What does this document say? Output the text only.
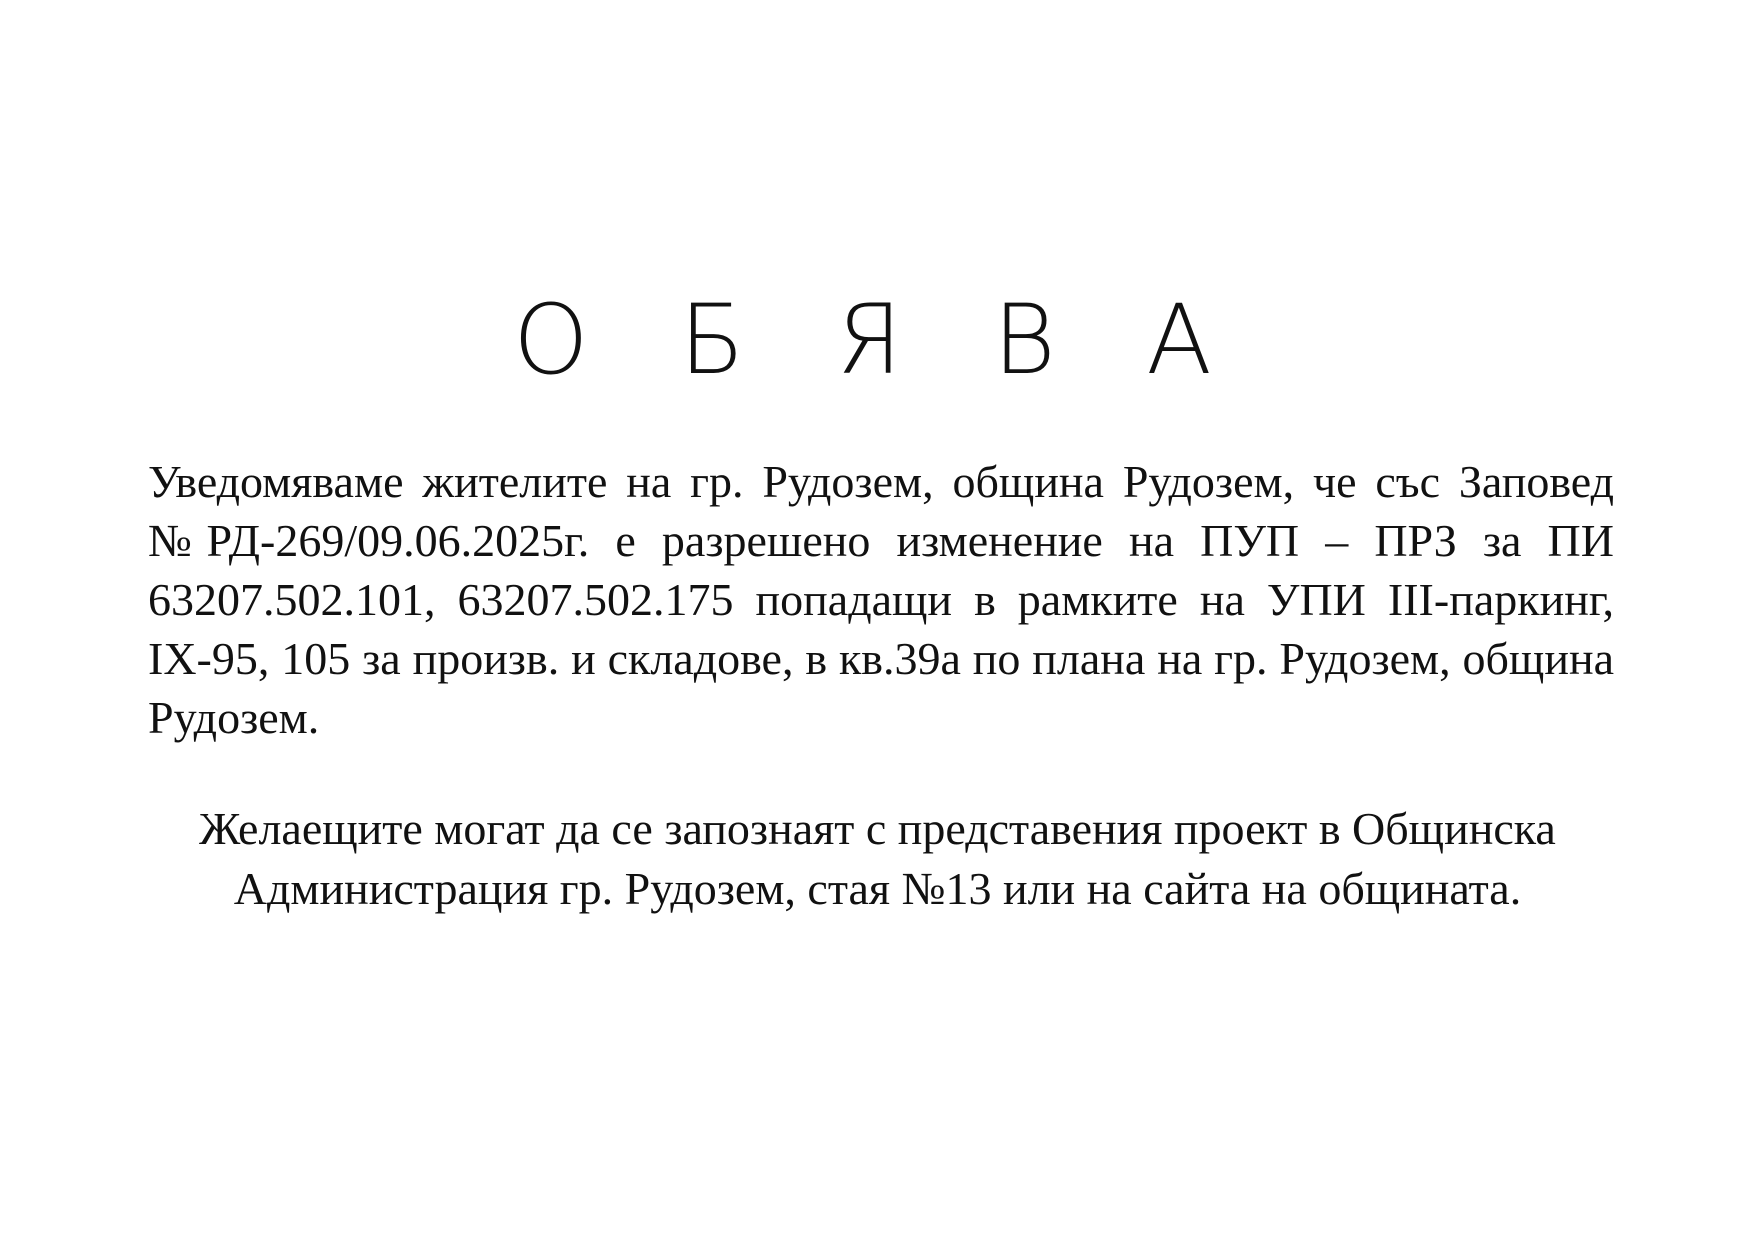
О Б Я В А
Уведомяваме жителите на гр. Рудозем, община Рудозем, че със Заповед №РД-269/09.06.2025г. е разрешено изменение на ПУП – ПРЗ за ПИ 63207.502.101, 63207.502.175 попадащи в рамките на УПИ III-паркинг, IX-95, 105 за произв. и складове, в кв.39а по плана на гр. Рудозем, община Рудозем.
Желаещите могат да се запознаят с представения проект в Общинска Администрация гр. Рудозем, стая №13 или на сайта на общината.
